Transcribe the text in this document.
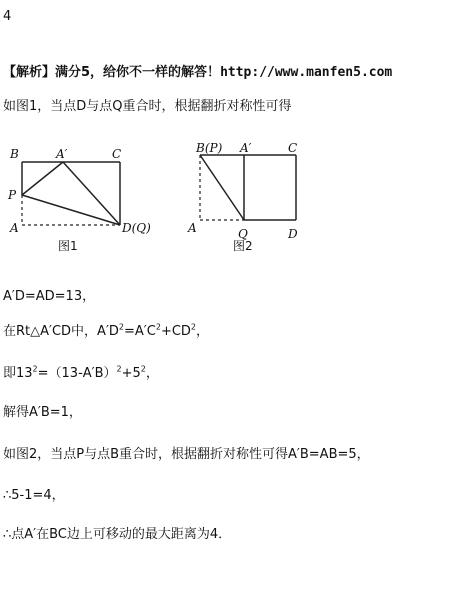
4
【解析】满分5，给你不一样的解答！http://www.manfen5.com
如图1，当点D与点Q重合时，根据翻折对称性可得
B	A′	C
P
A	D(Q)
图1
B(P) A′	C
A	Q	D
图2
A′D=AD=13，
在Rt△A′CD中，$A'D^2=A'C^2+CD^2$，
即$13^2=(13-A'B)^2+5^2$，
解得A′B=1，
如图2，当点P与点B重合时，根据翻折对称性可得A′B=AB=5，
∴5-1=4，
∴点A′在BC边上可移动的最大距离为4．
